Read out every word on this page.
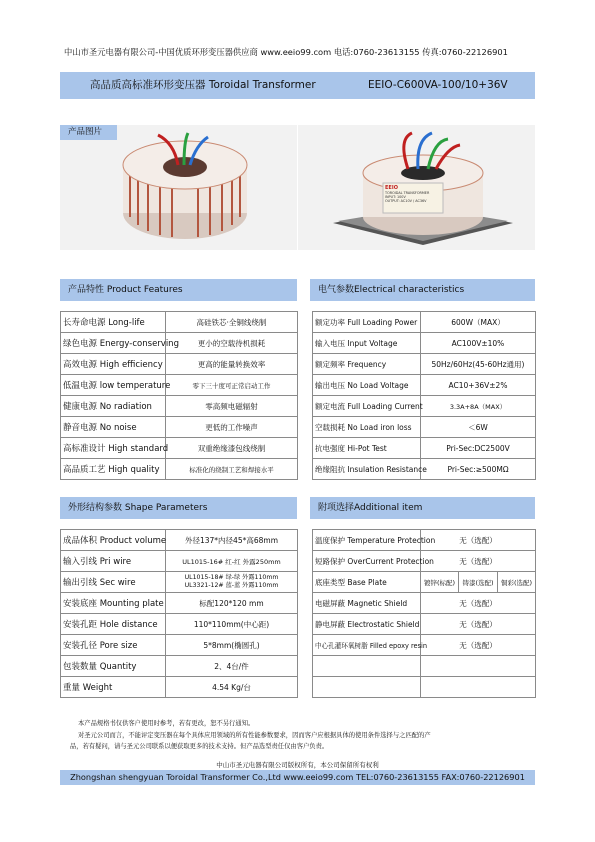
中山市圣元电器有限公司-中国优质环形变压器供应商 www.eeio99.com 电话:0760-23613155 传真:0760-22126901
高品质高标准环形变压器 Toroidal Transformer	EEIO-C600VA-100/10+36V
产品图片
EEIO
TOROIDAL TRANSFORMER
INPUT: 100V
OUTPUT: AC10V / AC36V
产品特性 Product Features
长寿命电源 Long-life	高硅铁芯·全铜线绕制
绿色电源 Energy-conserving	更小的空载待机损耗
高效电源 High efficiency	更高的能量转换效率
低温电源 low temperature	零下三十度可正常启动工作
健康电源 No radiation	零高频电磁辐射
静音电源 No noise	更低的工作噪声
高标准设计 High standard	双重绝缘漆包线绕制
高品质工艺 High quality	标准化的绕制工艺和焊接水平
电气参数Electrical characteristics
额定功率 Full Loading Power	600W（MAX）
输入电压 Input Voltage	AC100V±10%
额定频率 Frequency	50Hz/60Hz(45-60Hz通用)
输出电压 No Load Voltage	AC10+36V±2%
额定电流 Full Loading Current	3.3A+8A（MAX）
空载损耗 No Load iron loss	＜6W
抗电强度 Hi-Pot Test	Pri-Sec:DC2500V
绝缘阻抗 Insulation Resistance	Pri-Sec:≥500MΩ
外形结构参数 Shape Parameters
成品体积 Product volume	外径137*内径45*高68mm
输入引线 Pri wire	UL1015-16# 红-红 外露250mm
输出引线 Sec wire	UL1015-18# 绿-绿 外露110mm
UL3321-12# 蓝-蓝 外露110mm

安装底座 Mounting plate	标配120*120 mm
安装孔距 Hole distance	110*110mm(中心距)
安装孔径 Pore size	5*8mm(椭圆孔)
包装数量 Quantity	2、4台/件
重量 Weight	4.54 Kg/台
附项选择Additional item
温度保护 Temperature Protection	无（选配）		
短路保护 OverCurrent Protection	无（选配）		
底座类型 Base Plate	镀锌(标配)	铸漆(选配)	铜彩(选配)
电磁屏蔽 Magnetic Shield	无（选配）		
静电屏蔽 Electrostatic Shield	无（选配）		
中心孔灌环氧树脂 Filled epoxy resin	无（选配）		

本产品规格书仅供客户使用时参考，若有更改，恕不另行通知。
对圣元公司而言，不能评定变压器在每个具体应用领域的所有性能参数要求，因而客户应根据具体的使用条件选择与之匹配的产
品，若有疑问，请与圣元公司联系以便获取更多的技术支持。但产品选型责任仅由客户负责。
中山市圣元电器有限公司版权所有，本公司保留所有权利
Zhongshan shengyuan Toroidal Transformer Co.,Ltd www.eeio99.com TEL:0760-23613155 FAX:0760-22126901
